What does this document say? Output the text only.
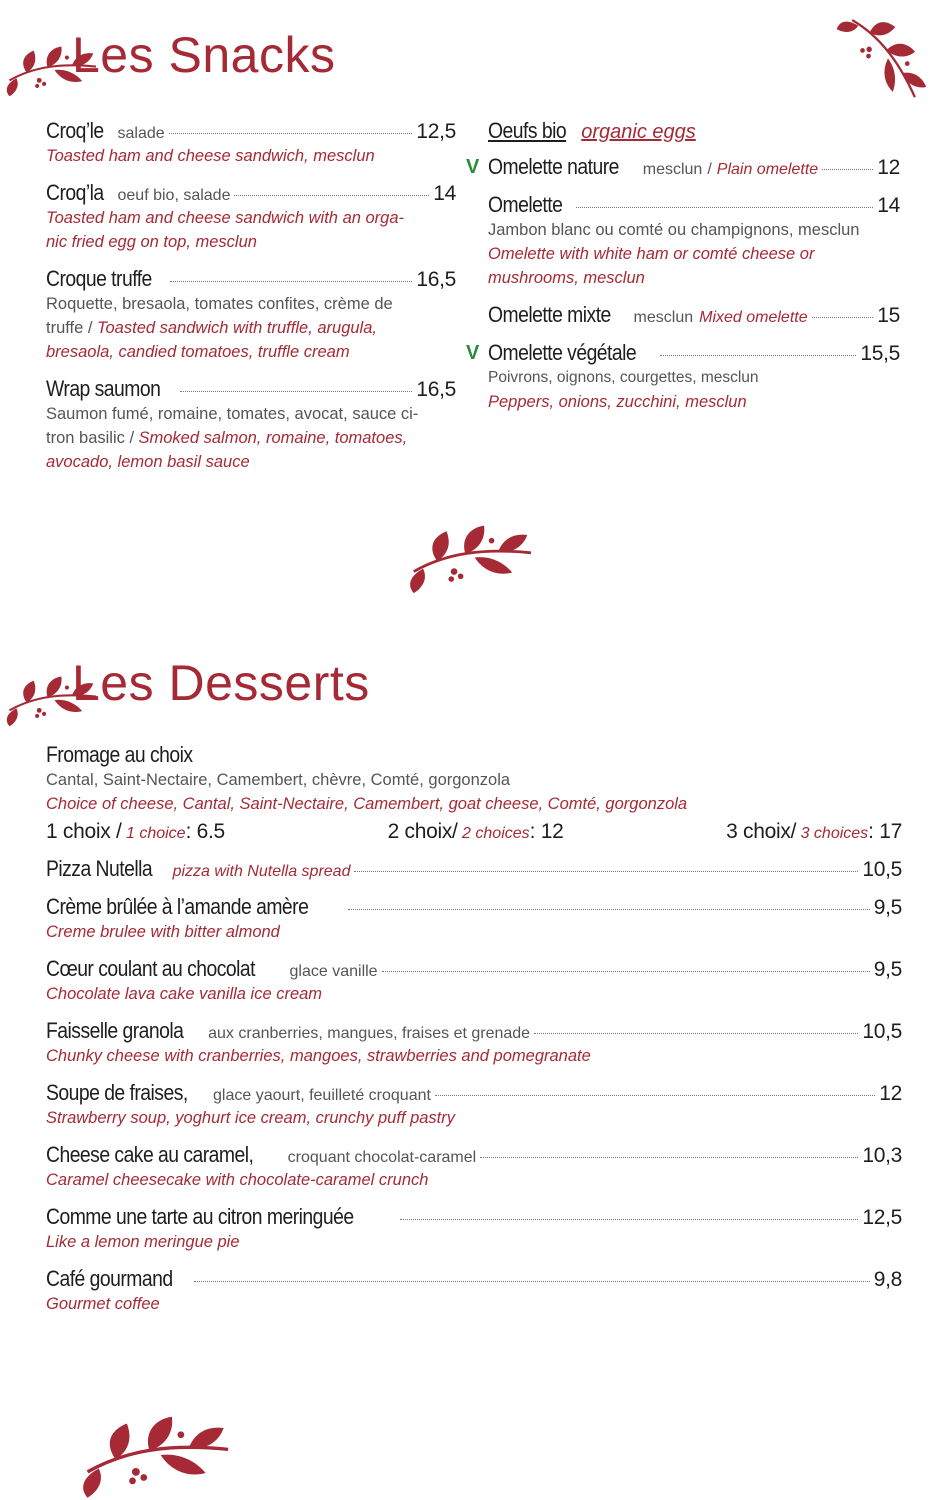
Les Snacks
Croq’le salade	12,5
Toasted ham and cheese sandwich, mesclun
Croq’la oeuf bio, salade	14
Toasted ham and cheese sandwich with an orga-
nic fried egg on top, mesclun
Croque truffe	16,5
Roquette, bresaola, tomates confites, crème de
truffe / Toasted sandwich with truffle, arugula,
bresaola, candied tomatoes, truffle cream
Wrap saumon	16,5
Saumon fumé, romaine, tomates, avocat, sauce ci-
tron basilic / Smoked salmon, romaine, tomatoes,
avocado, lemon basil sauce
Oeufs bio organic eggs
V Omelette nature mesclun / Plain omelette	12
Omelette	14
Jambon blanc ou comté ou champignons, mesclun
Omelette with white ham or comté cheese or
mushrooms, mesclun
Omelette mixte mesclun Mixed omelette	15
V Omelette végétale	15,5
Poivrons, oignons, courgettes, mesclun
Peppers, onions, zucchini, mesclun
Les Desserts
Fromage au choix
Cantal, Saint-Nectaire, Camembert, chèvre, Comté, gorgonzola
Choice of cheese, Cantal, Saint-Nectaire, Camembert, goat cheese, Comté, gorgonzola
1 choix / 1 choice: 6.5	2 choix/ 2 choices: 12	3 choix/ 3 choices: 17
Pizza Nutella pizza with Nutella spread	10,5
Crème brûlée à l’amande amère	9,5
Creme brulee with bitter almond
Cœur coulant au chocolat glace vanille	9,5
Chocolate lava cake vanilla ice cream
Faisselle granola aux cranberries, mangues, fraises et grenade	10,5
Chunky cheese with cranberries, mangoes, strawberries and pomegranate
Soupe de fraises, glace yaourt, feuilleté croquant	12
Strawberry soup, yoghurt ice cream, crunchy puff pastry
Cheese cake au caramel, croquant chocolat-caramel	10,3
Caramel cheesecake with chocolate-caramel crunch
Comme une tarte au citron meringuée	12,5
Like a lemon meringue pie
Café gourmand	9,8
Gourmet coffee
